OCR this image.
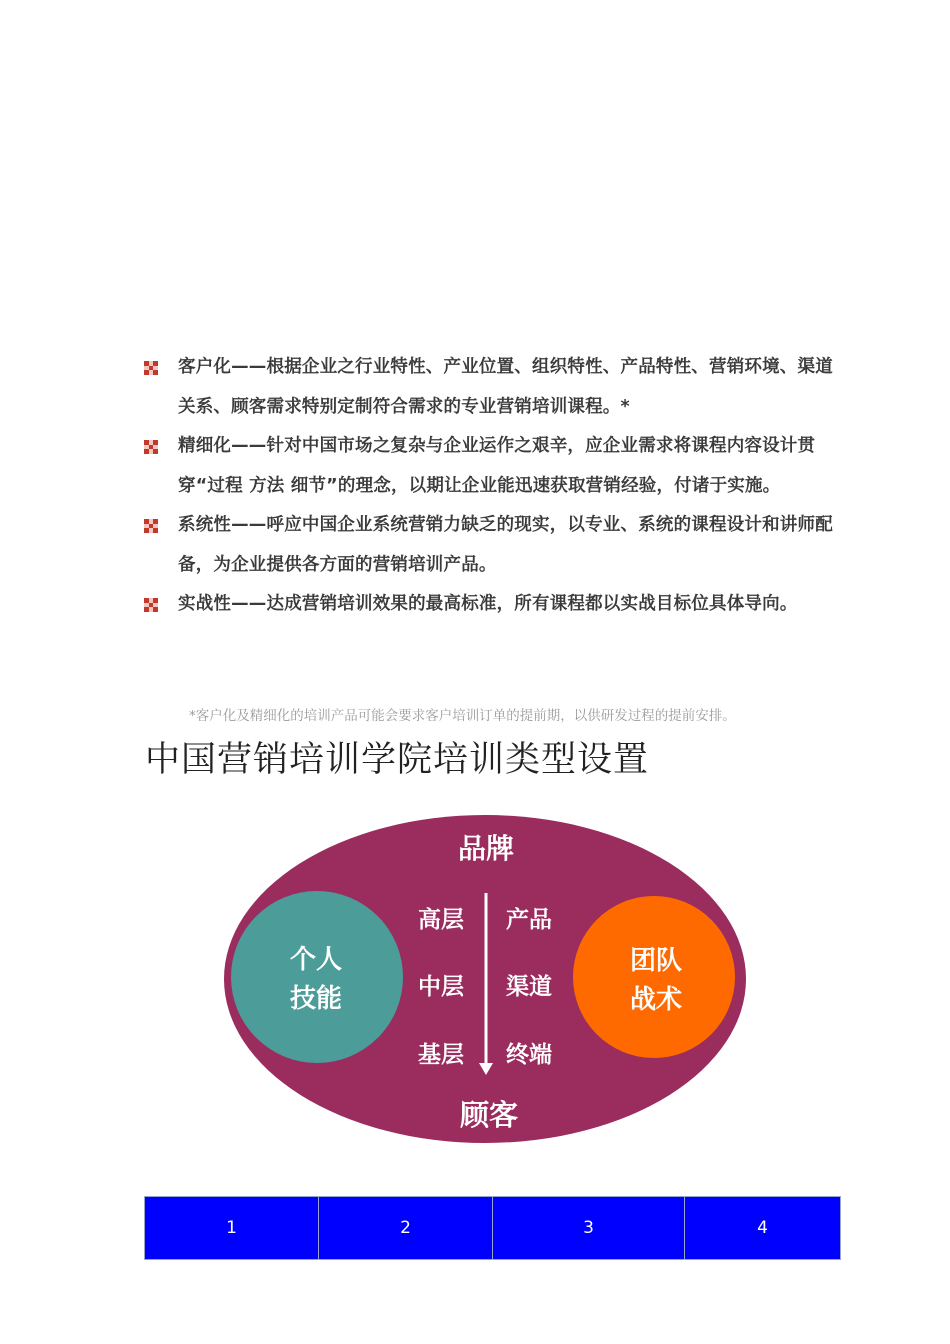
客户化——根据企业之行业特性、产业位置、组织特性、产品特性、营销环境、渠道关系、顾客需求特别定制符合需求的专业营销培训课程。*
精细化——针对中国市场之复杂与企业运作之艰辛，应企业需求将课程内容设计贯穿“过程 方法 细节”的理念，以期让企业能迅速获取营销经验，付诸于实施。
系统性——呼应中国企业系统营销力缺乏的现实，以专业、系统的课程设计和讲师配备，为企业提供各方面的营销培训产品。
实战性——达成营销培训效果的最高标准，所有课程都以实战目标位具体导向。
*客户化及精细化的培训产品可能会要求客户培训订单的提前期，以供研发过程的提前安排。
中国营销培训学院培训类型设置
品牌
顾客
个人
技能
团队
战术
高层
中层
基层
产品
渠道
终端
1	2	3	4
